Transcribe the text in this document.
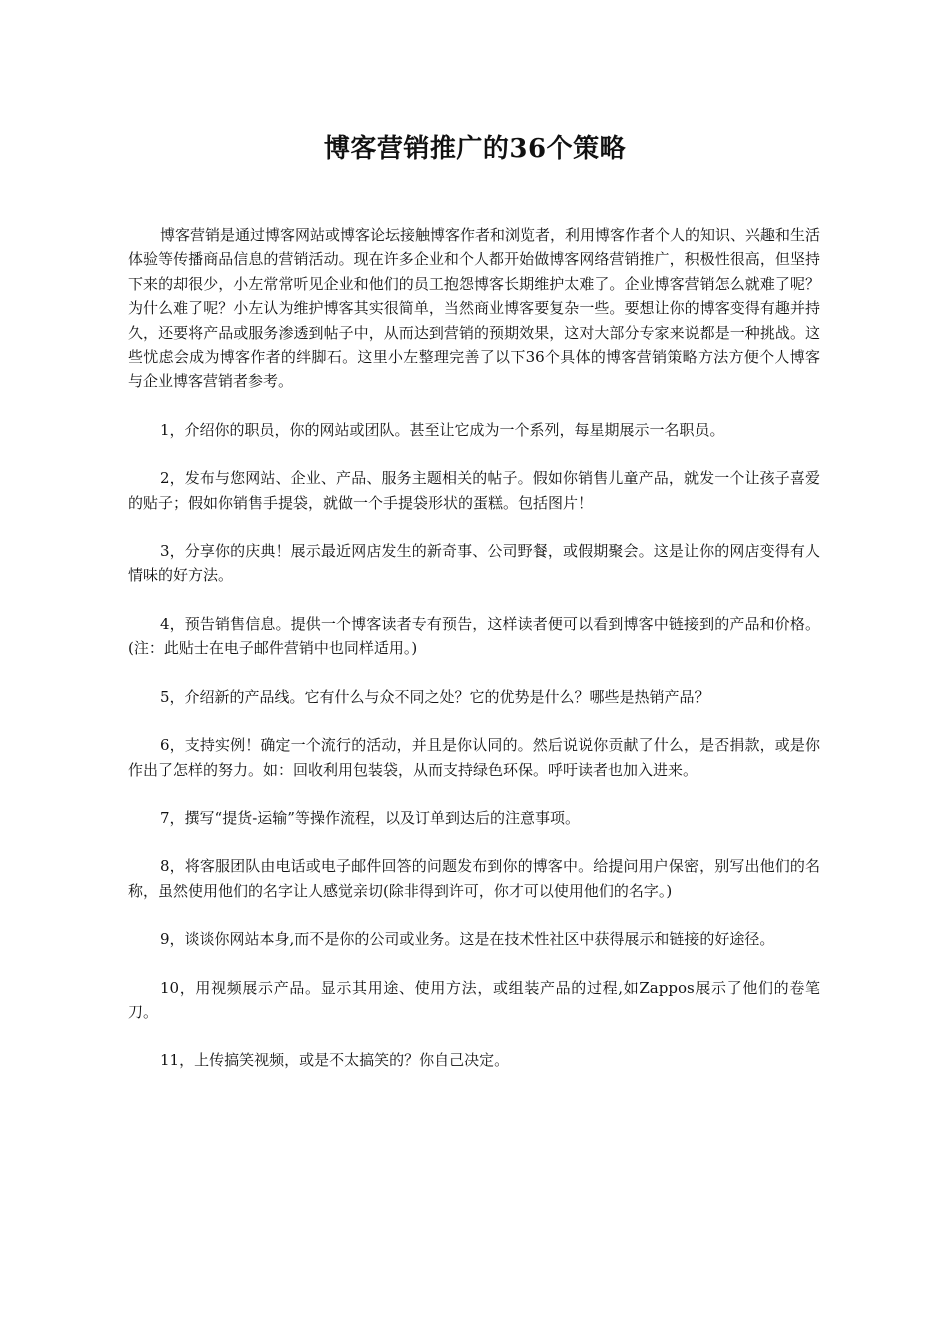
博客营销推广的36个策略

博客营销是通过博客网站或博客论坛接触博客作者和浏览者，利用博客作者个人的知识、兴趣和生活体验等传播商品信息的营销活动。现在许多企业和个人都开始做博客网络营销推广，积极性很高，但坚持下来的却很少，小左常常听见企业和他们的员工抱怨博客长期维护太难了。企业博客营销怎么就难了呢？为什么难了呢？小左认为维护博客其实很简单，当然商业博客要复杂一些。要想让你的博客变得有趣并持久，还要将产品或服务渗透到帖子中，从而达到营销的预期效果，这对大部分专家来说都是一种挑战。这些忧虑会成为博客作者的绊脚石。这里小左整理完善了以下36个具体的博客营销策略方法方便个人博客与企业博客营销者参考。

1，介绍你的职员，你的网站或团队。甚至让它成为一个系列，每星期展示一名职员。

2，发布与您网站、企业、产品、服务主题相关的帖子。假如你销售儿童产品，就发一个让孩子喜爱的贴子；假如你销售手提袋，就做一个手提袋形状的蛋糕。包括图片！

3，分享你的庆典！展示最近网店发生的新奇事、公司野餐，或假期聚会。这是让你的网店变得有人情味的好方法。

4，预告销售信息。提供一个博客读者专有预告，这样读者便可以看到博客中链接到的产品和价格。(注：此贴士在电子邮件营销中也同样适用。)

5，介绍新的产品线。它有什么与众不同之处？它的优势是什么？哪些是热销产品？

6，支持实例！确定一个流行的活动，并且是你认同的。然后说说你贡献了什么，是否捐款，或是你作出了怎样的努力。如：回收利用包装袋，从而支持绿色环保。呼吁读者也加入进来。

7，撰写“提货-运输”等操作流程，以及订单到达后的注意事项。

8，将客服团队由电话或电子邮件回答的问题发布到你的博客中。给提问用户保密，别写出他们的名称，虽然使用他们的名字让人感觉亲切(除非得到许可，你才可以使用他们的名字。)

9，谈谈你网站本身,而不是你的公司或业务。这是在技术性社区中获得展示和链接的好途径。

10，用视频展示产品。显示其用途、使用方法，或组装产品的过程,如Zappos展示了他们的卷笔刀。

11，上传搞笑视频，或是不太搞笑的？你自己决定。
